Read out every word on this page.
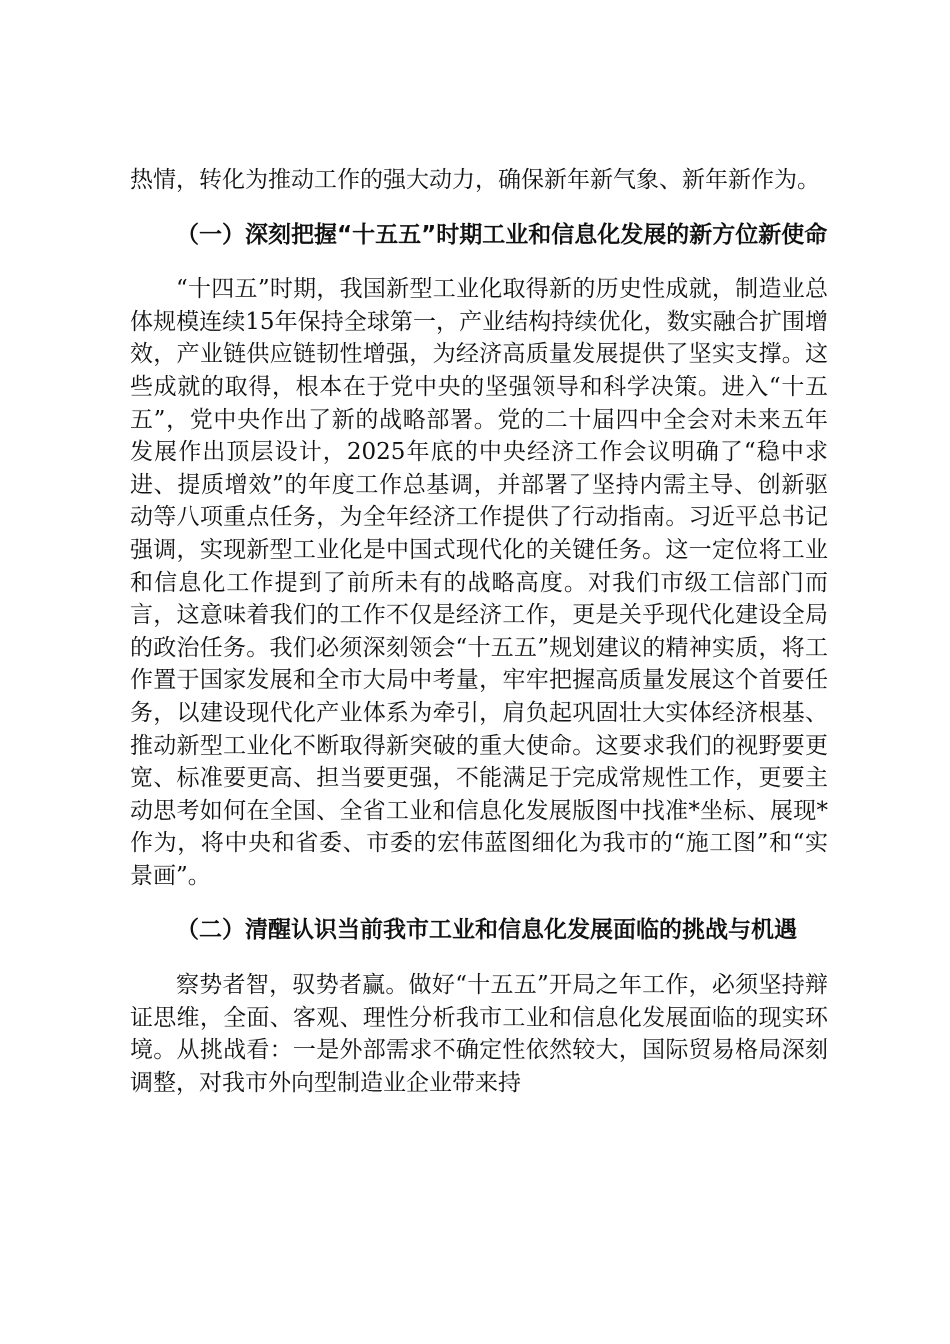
热情，转化为推动工作的强大动力，确保新年新气象、新年新作为。

（一）深刻把握“十五五”时期工业和信息化发展的新方位新使命

“十四五”时期，我国新型工业化取得新的历史性成就，制造业总体规模连续15年保持全球第一，产业结构持续优化，数实融合扩围增效，产业链供应链韧性增强，为经济高质量发展提供了坚实支撑。这些成就的取得，根本在于党中央的坚强领导和科学决策。进入“十五五”，党中央作出了新的战略部署。党的二十届四中全会对未来五年发展作出顶层设计，2025年底的中央经济工作会议明确了“稳中求进、提质增效”的年度工作总基调，并部署了坚持内需主导、创新驱动等八项重点任务，为全年经济工作提供了行动指南。习近平总书记强调，实现新型工业化是中国式现代化的关键任务。这一定位将工业和信息化工作提到了前所未有的战略高度。对我们市级工信部门而言，这意味着我们的工作不仅是经济工作，更是关乎现代化建设全局的政治任务。我们必须深刻领会“十五五”规划建议的精神实质，将工作置于国家发展和全市大局中考量，牢牢把握高质量发展这个首要任务，以建设现代化产业体系为牵引，肩负起巩固壮大实体经济根基、推动新型工业化不断取得新突破的重大使命。这要求我们的视野要更宽、标准要更高、担当要更强，不能满足于完成常规性工作，更要主动思考如何在全国、全省工业和信息化发展版图中找准*坐标、展现*作为，将中央和省委、市委的宏伟蓝图细化为我市的“施工图”和“实景画”。

（二）清醒认识当前我市工业和信息化发展面临的挑战与机遇

察势者智，驭势者赢。做好“十五五”开局之年工作，必须坚持辩证思维，全面、客观、理性分析我市工业和信息化发展面临的现实环境。从挑战看：一是外部需求不确定性依然较大，国际贸易格局深刻调整，对我市外向型制造业企业带来持
